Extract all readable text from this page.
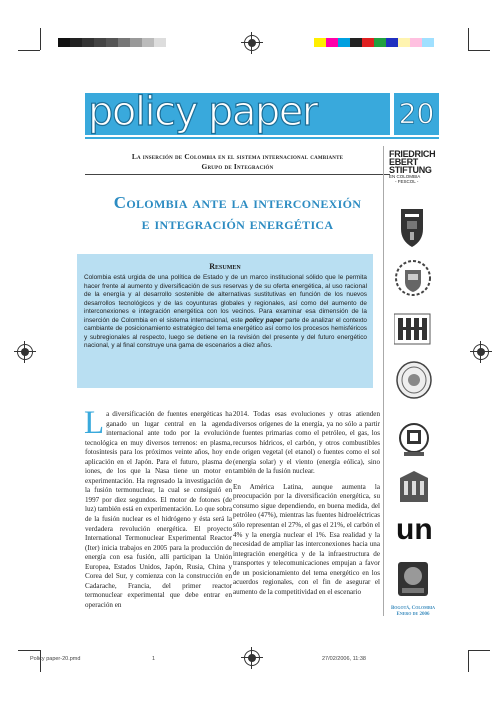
policy paper	20
La inserción de Colombia en el sistema internacional cambiante
Grupo de Integración
Colombia ante la interconexión
e integración energética
Resumen
Colombia está urgida de una política de Estado y de un marco institucional sólido que le permita hacer frente al aumento y diversificación de sus reservas y de su oferta energética, al uso racional de la energía y al desarrollo sostenible de alternativas sustitutivas en función de los nuevos desarrollos tecnológicos y de las coyunturas globales y regionales, así como del aumento de interconexiones e integración energética con los vecinos. Para examinar esa dimensión de la inserción de Colombia en el sistema internacional, este policy paper parte de analizar el contexto cambiante de posicionamiento estratégico del tema energético así como los procesos hemisféricos y subregionales al respecto, luego se detiene en la revisión del presente y del futuro energético nacional, y al final construye una gama de escenarios a diez años.

La diversificación de fuentes energéticas ha ganado un lugar central en la agenda internacional ante todo por la evolución tecnológica en muy diversos terrenos: en plasma, fotosíntesis para los próximos veinte años, hoy en aplicación en el Japón. Para el futuro, plasma de iones, de los que la Nasa tiene un motor en experimentación. Ha regresado la investigación de la fusión termonuclear, la cual se consiguió en 1997 por diez segundos. El motor de fotones (de luz) también está en experimentación. Lo que sobra de la fusión nuclear es el hidrógeno y ésta será la verdadera revolución energética. El proyecto International Termonuclear Experimental Reactor (Iter) inicia trabajos en 2005 para la producción de energía con esa fusión, allí participan la Unión Europea, Estados Unidos, Japón, Rusia, China y Corea del Sur, y comienza con la construcción en Cadarache, Francia, del primer reactor termonuclear experimental que debe entrar en operación en

2014. Todas esas evoluciones y otras atienden diversos orígenes de la energía, ya no sólo a partir de fuentes primarias como el petróleo, el gas, los recursos hídricos, el carbón, y otros combustibles de origen vegetal (el etanol) o fuentes como el sol (energía solar) y el viento (energía eólica), sino también de la fusión nuclear.

En América Latina, aunque aumenta la preocupación por la diversificación energética, su consumo sigue dependiendo, en buena medida, del petróleo (47%), mientras las fuentes hidroeléctricas sólo representan el 27%, el gas el 21%, el carbón el 4% y la energía nuclear el 1%. Esa realidad y la necesidad de ampliar las interconexiones hacia una integración energética y de la infraestructura de transportes y telecomunicaciones empujan a favor de un posicionamiento del tema energético en los acuerdos regionales, con el fin de asegurar el aumento de la competitividad en el escenario

FRIEDRICH
EBERT
STIFTUNG
EN COLOMBIA
- FESCOL -
un
Bogotá, Colombia
Enero de 2006
Policy paper-20.pmd	1	27/02/2006, 11:38
